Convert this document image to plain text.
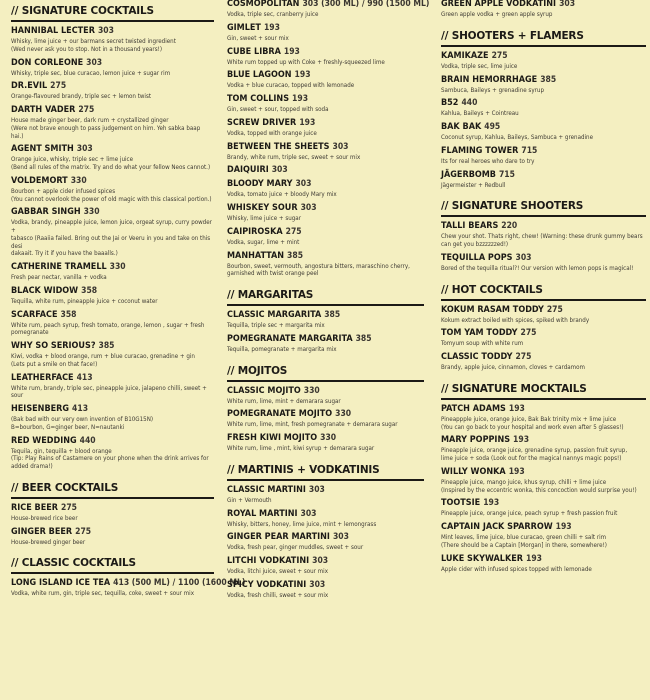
// SIGNATURE COCKTAILS
HANNIBAL LECTER 303
Whisky, lime juice + our barmans secret twisted ingredient
(Wed never ask you to stop. Not in a thousand years!)
DON CORLEONE 303
Whisky, triple sec, blue curacao, lemon juice + sugar rim
DR.EVIL 275
Orange-flavoured brandy, triple sec + lemon twist
DARTH VADER 275
House made ginger beer, dark rum + crystallized ginger
(Were not brave enough to pass judgement on him. Yeh sabka baap hai.)
AGENT SMITH 303
Orange juice, whisky, triple sec + lime juice
(Bend all rules of the matrix. Try and do what your fellow Neos cannot.)
VOLDEMORT 330
Bourbon + apple cider infused spices
(You cannot overlook the power of old magic with this classical portion.)
GABBAR SINGH 330
Vodka, brandy, pineapple juice, lemon juice, orgeat syrup, curry powder +
tabasco (Raaiia failed. Bring out the Jai or Veeru in you and take on this desi
dakaait. Try it if you have the baaalls.)
CATHERINE TRAMELL 330
Fresh pear nectar, vanilla + vodka
BLACK WIDOW 358
Tequilla, white rum, pineapple juice + coconut water
SCARFACE 358
White rum, peach syrup, fresh tomato, orange, lemon , sugar + fresh
pomegranate
WHY SO SERIOUS? 385
Kiwi, vodka + blood orange, rum + blue curacao, grenadine + gin
(Lets put a smile on that face!)
LEATHERFACE 413
White rum, brandy, triple sec, pineapple juice, jalapeno chilli, sweet + sour
HEISENBERG 413
(Bak bad with our very own invention of B10G15N)
B=bourbon, G=ginger beer, N=nautanki
RED WEDDING 440
Tequila, gin, tequilla + blood orange
(Tip: Play Rains of Castamere on your phone when the drink arrives for
added drama!)
// BEER COCKTAILS
RICE BEER 275
House-brewed rice beer
GINGER BEER 275
House-brewed ginger beer
// CLASSIC COCKTAILS
LONG ISLAND ICE TEA 413 (500 ML) / 1100 (1600 ML)
Vodka, white rum, gin, triple sec, tequilla, coke, sweet + sour mix
COSMOPOLITAN 303 (300 ML) / 990 (1500 ML)
Vodka, triple sec, cranberry juice
GIMLET 193
Gin, sweet + sour mix
CUBE LIBRA 193
White rum topped up with Coke + freshly-squeezed lime
BLUE LAGOON 193
Vodka + blue curacao, topped with lemonade
TOM COLLINS 193
Gin, sweet + sour, topped with soda
SCREW DRIVER 193
Vodka, topped with orange juice
BETWEEN THE SHEETS 303
Brandy, white rum, triple sec, sweet + sour mix
DAIQUIRI 303
BLOODY MARY 303
Vodka, tomato juice + bloody Mary mix
WHISKEY SOUR 303
Whisky, lime juice + sugar
CAIPIROSKA 275
Vodka, sugar, lime + mint
MANHATTAN 385
Bourbon, sweet, vermouth, angostura bitters, maraschino cherry,
garnished with twist orange peel
// MARGARITAS
CLASSIC MARGARITA 385
Tequilla, triple sec + margarita mix
POMEGRANATE MARGARITA 385
Tequilla, pomegranate + margarita mix
// MOJITOS
CLASSIC MOJITO 330
White rum, lime, mint + demarara sugar
POMEGRANATE MOJITO 330
White rum, lime, mint, fresh pomegranate + demarara sugar
FRESH KIWI MOJITO 330
White rum, lime , mint, kiwi syrup + demarara sugar
// MARTINIS + VODKATINIS
CLASSIC MARTINI 303
Gin + Vermouth
ROYAL MARTINI 303
Whisky, bitters, honey, lime juice, mint + lemongrass
GINGER PEAR MARTINI 303
Vodka, fresh pear, ginger muddles, sweet + sour
LITCHI VODKATINI 303
Vodka, litchi juice, sweet + sour mix
SPICY VODKATINI 303
Vodka, fresh chilli, sweet + sour mix
GREEN APPLE VODKATINI 303
Green apple vodka + green apple syrup
// SHOOTERS + FLAMERS
KAMIKAZE 275
Vodka, triple sec, lime juice
BRAIN HEMORRHAGE 385
Sambuca, Baileys + grenadine syrup
B52 440
Kahlua, Baileys + Cointreau
BAK BAK 495
Coconut syrup, Kahlua, Baileys, Sambuca + grenadine
FLAMING TOWER 715
Its for real heroes who dare to try
JÄGERBOMB 715
Jägermeister + Redbull
// SIGNATURE SHOOTERS
TALLI BEARS 220
Chew your shot. Thats right, chew! (Warning: these drunk gummy bears
can get you bzzzzzzed!)
TEQUILLA POPS 303
Bored of the tequilla ritual?! Our version with lemon pops is magical!
// HOT COCKTAILS
KOKUM RASAM TODDY 275
Kokum extract boiled with spices, spiked with brandy
TOM YAM TODDY 275
Tomyum soup with white rum
CLASSIC TODDY 275
Brandy, apple juice, cinnamon, cloves + cardamom
// SIGNATURE MOCKTAILS
PATCH ADAMS 193
Pineappple juice, orange juice, Bak Bak trinity mix + lime juice
(You can go back to your hospital and work even after 5 glasses!)
MARY POPPINS 193
Pineapple juice, orange juice, grenadine syrup, passion fruit syrup,
lime juice + soda (Look out for the magical nannys magic pops!)
WILLY WONKA 193
Pineapple juice, mango juice, khus syrup, chilli + lime juice
(Inspired by the eccentric wonka, this concoction would surprise you!)
TOOTSIE 193
Pineapple juice, orange juice, peach syrup + fresh passion fruit
CAPTAIN JACK SPARROW 193
Mint leaves, lime juice, blue curacao, green chilli + salt rim
(There should be a Captain [Morgan] in there, somewhere!)
LUKE SKYWALKER 193
Apple cider with infused spices topped with lemonade
